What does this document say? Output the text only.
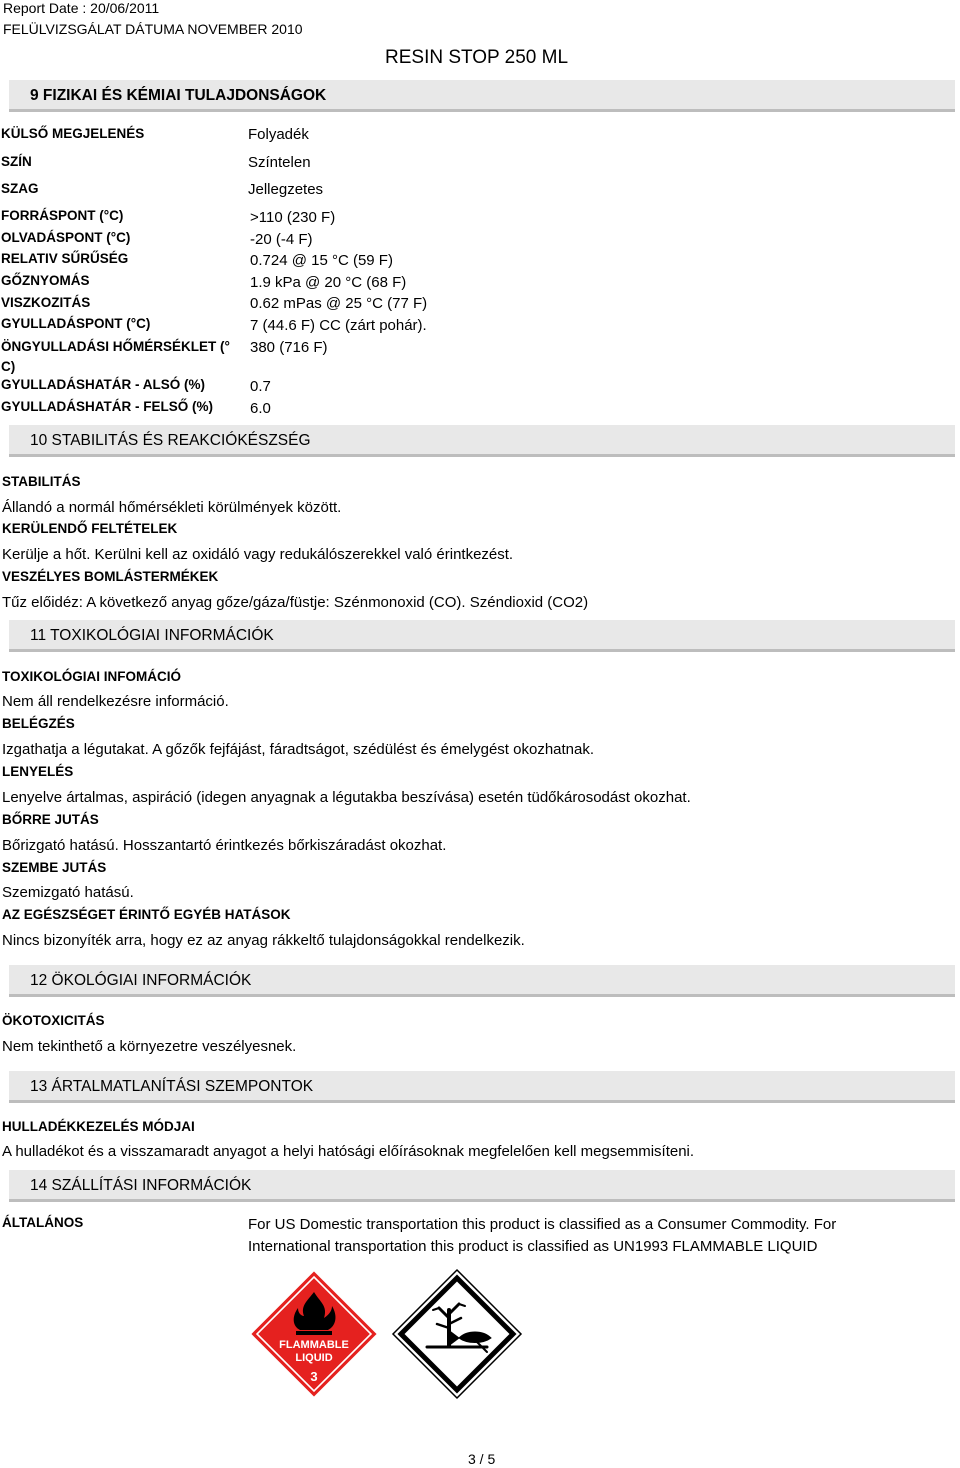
Report Date : 20/06/2011
FELÜLVIZSGÁLAT DÁTUMA NOVEMBER 2010
RESIN STOP 250 ML
9 FIZIKAI ÉS KÉMIAI TULAJDONSÁGOK
KÜLSŐ MEGJELENÉS	Folyadék
SZÍN	Színtelen
SZAG	Jellegzetes
FORRÁSPONT (°C)	>110 (230 F)
OLVADÁSPONT (°C)	-20 (-4 F)
RELATIV SŰRŰSÉG	0.724 @ 15 °C (59 F)
GŐZNYOMÁS	1.9 kPa @ 20 °C (68 F)
VISZKOZITÁS	0.62 mPas @ 25 °C (77 F)
GYULLADÁSPONT (°C)	7 (44.6 F) CC (zárt pohár).
ÖNGYULLADÁSI HŐMÉRSÉKLET (° C)
380 (716 F)
GYULLADÁSHATÁR - ALSÓ (%)	0.7
GYULLADÁSHATÁR - FELSŐ (%) 6.0
10 STABILITÁS ÉS REAKCIÓKÉSZSÉG
STABILITÁS
Állandó a normál hőmérsékleti körülmények között.
KERÜLENDŐ FELTÉTELEK
Kerülje a hőt. Kerülni kell az oxidáló vagy redukálószerekkel való érintkezést.
VESZÉLYES BOMLÁSTERMÉKEK
Tűz előidéz: A következő anyag gőze/gáza/füstje: Szénmonoxid (CO). Széndioxid (CO2)
11 TOXIKOLÓGIAI INFORMÁCIÓK
TOXIKOLÓGIAI INFOMÁCIÓ
Nem áll rendelkezésre információ.
BELÉGZÉS
Izgathatja a légutakat. A gőzők fejfájást, fáradtságot, szédülést és émelygést okozhatnak.
LENYELÉS
Lenyelve ártalmas, aspiráció (idegen anyagnak a légutakba beszívása) esetén tüdőkárosodást okozhat.
BŐRRE JUTÁS
Bőrizgató hatású. Hosszantartó érintkezés bőrkiszáradást okozhat.
SZEMBE JUTÁS
Szemizgató hatású.
AZ EGÉSZSÉGET ÉRINTŐ EGYÉB HATÁSOK
Nincs bizonyíték arra, hogy ez az anyag rákkeltő tulajdonságokkal rendelkezik.
12 ÖKOLÓGIAI INFORMÁCIÓK
ÖKOTOXICITÁS
Nem tekinthető a környezetre veszélyesnek.
13 ÁRTALMATLANÍTÁSI SZEMPONTOK
HULLADÉKKEZELÉS MÓDJAI
A hulladékot és a visszamaradt anyagot a helyi hatósági előírásoknak megfelelően kell megsemmisíteni.
14 SZÁLLÍTÁSI INFORMÁCIÓK
ÁLTALÁNOS	For US Domestic transportation this product is classified as a Consumer Commodity. For International transportation this product is classified as UN1993 FLAMMABLE LIQUID
FLAMMABLE
LIQUID
3
3 / 5
